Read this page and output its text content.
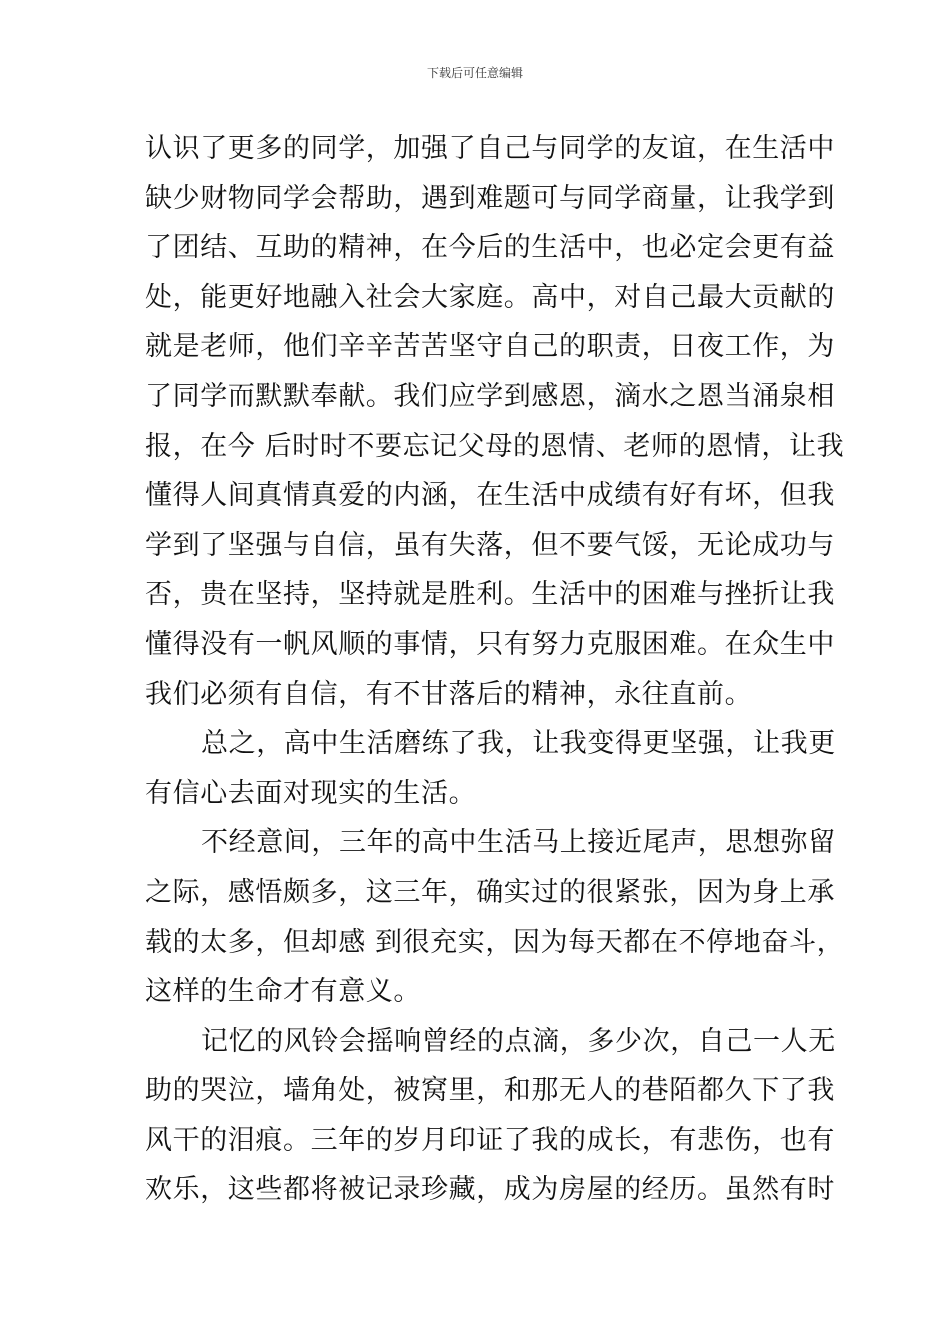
下载后可任意编辑

认识了更多的同学，加强了自己与同学的友谊，在生活中
缺少财物同学会帮助，遇到难题可与同学商量，让我学到
了团结、互助的精神，在今后的生活中，也必定会更有益
处，能更好地融入社会大家庭。高中，对自己最大贡献的
就是老师，他们辛辛苦苦坚守自己的职责，日夜工作，为
了同学而默默奉献。我们应学到感恩，滴水之恩当涌泉相
报，在今 后时时不要忘记父母的恩情、老师的恩情，让我
懂得人间真情真爱的内涵，在生活中成绩有好有坏，但我
学到了坚强与自信，虽有失落，但不要气馁，无论成功与
否，贵在坚持，坚持就是胜利。生活中的困难与挫折让我
懂得没有一帆风顺的事情，只有努力克服困难。在众生中
我们必须有自信，有不甘落后的精神，永往直前。

总之，高中生活磨练了我，让我变得更坚强，让我更
有信心去面对现实的生活。

不经意间，三年的高中生活马上接近尾声，思想弥留
之际，感悟颇多，这三年，确实过的很紧张，因为身上承
载的太多，但却感 到很充实，因为每天都在不停地奋斗，
这样的生命才有意义。

记忆的风铃会摇响曾经的点滴，多少次，自己一人无
助的哭泣，墙角处，被窝里，和那无人的巷陌都久下了我
风干的泪痕。三年的岁月印证了我的成长，有悲伤，也有
欢乐，这些都将被记录珍藏，成为房屋的经历。虽然有时
